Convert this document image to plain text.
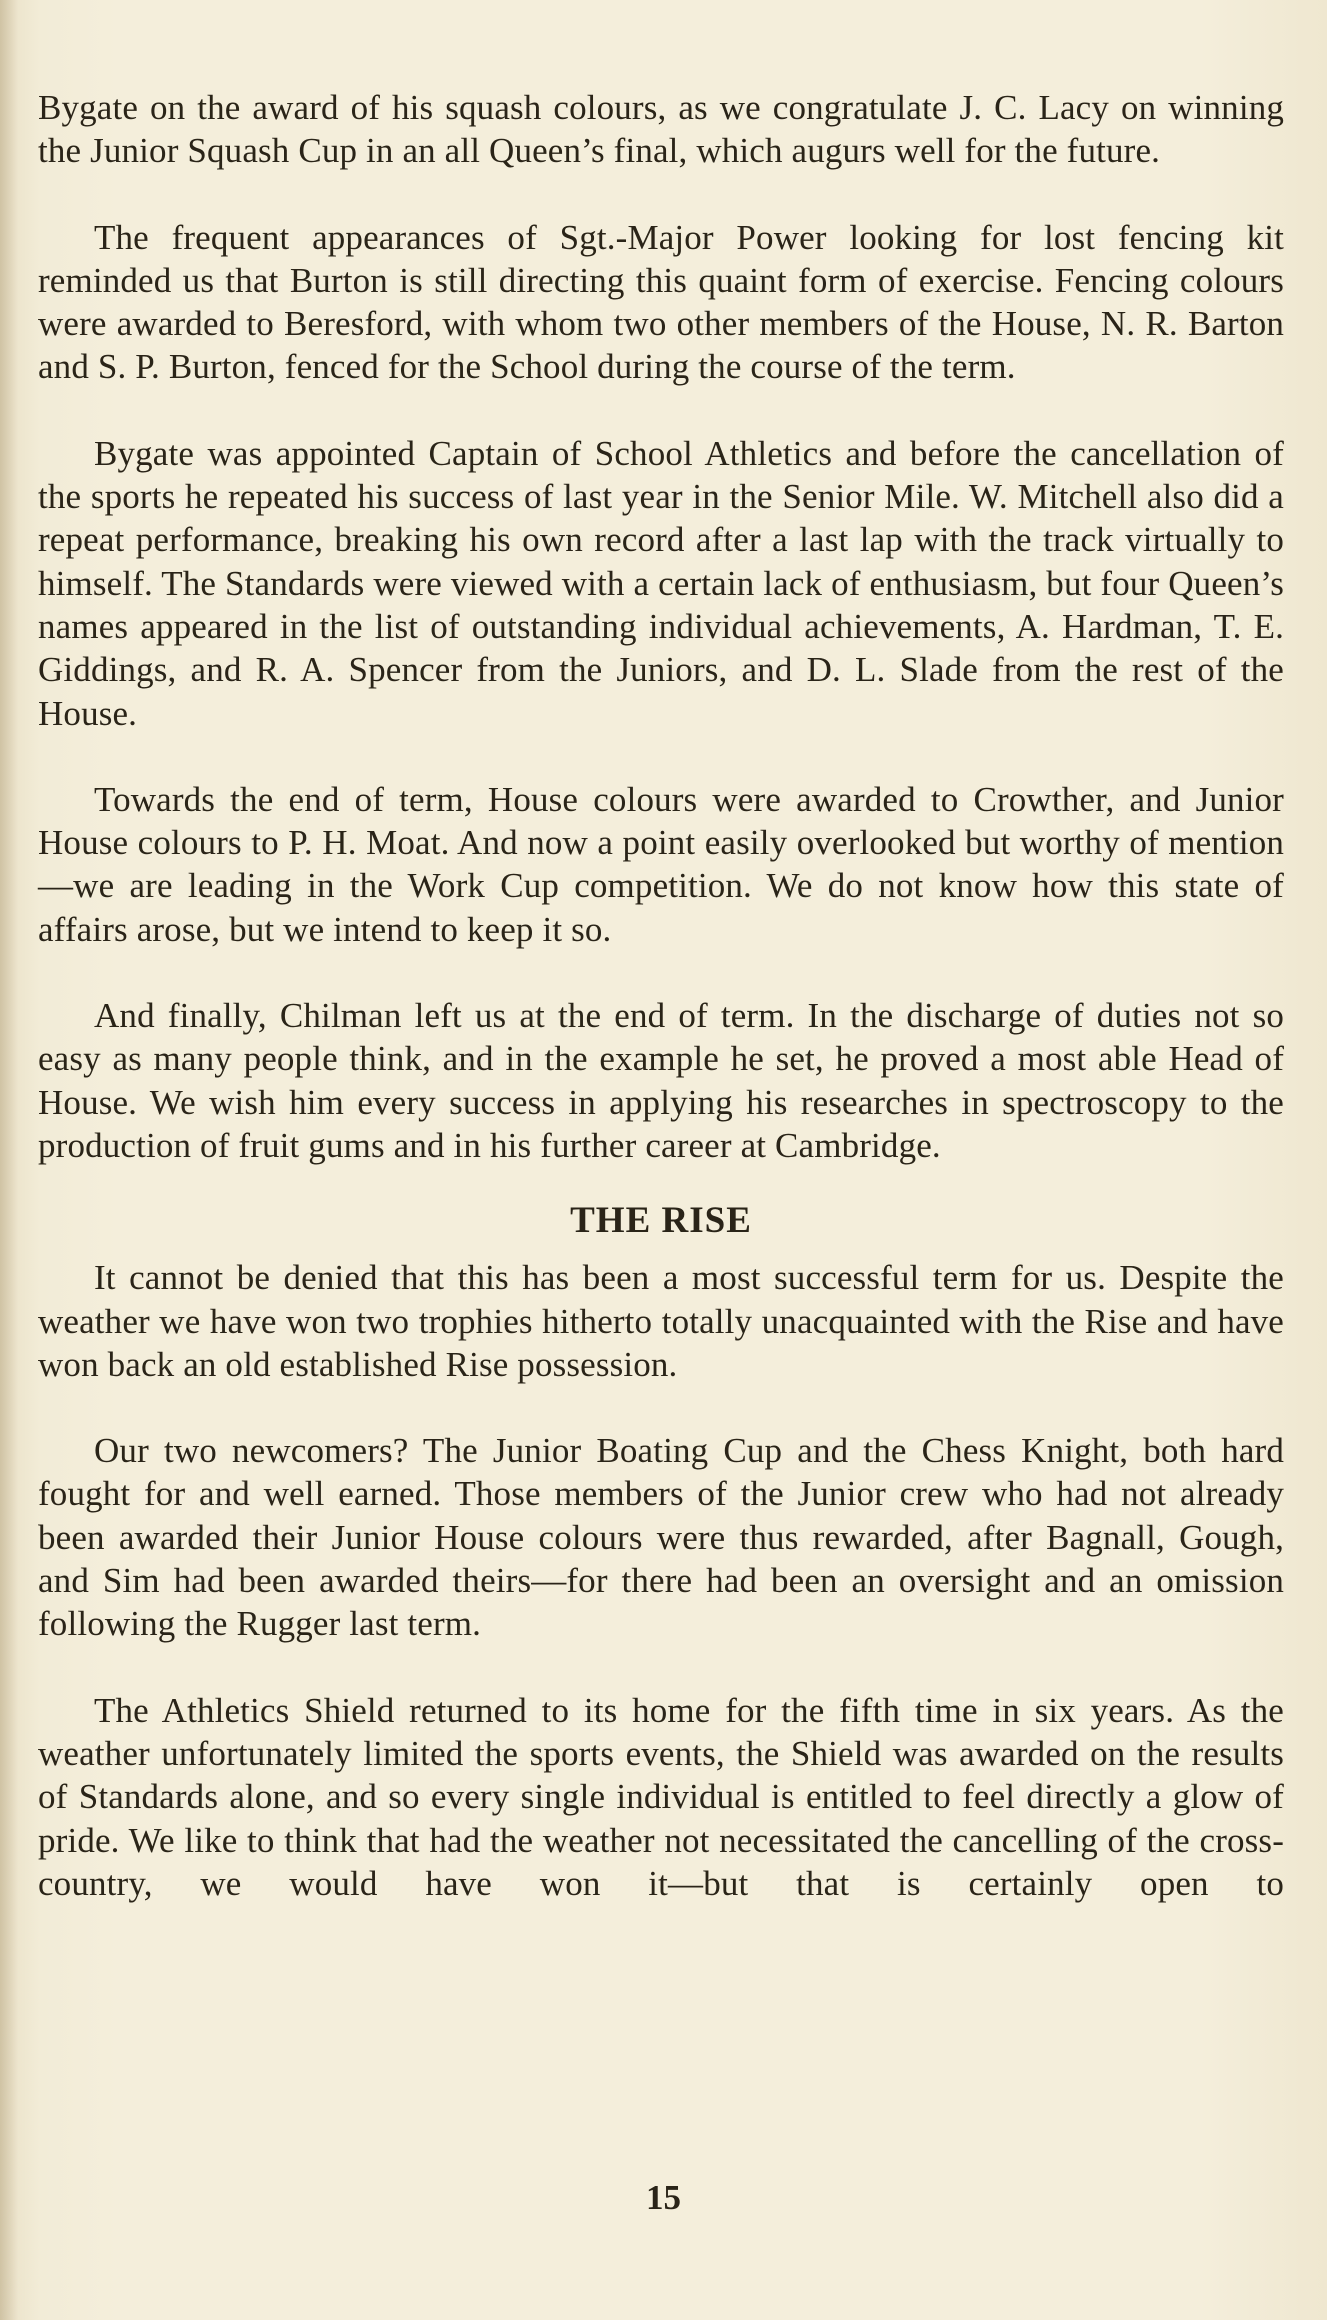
Bygate on the award of his squash colours, as we congratulate J. C. Lacy on winning the Junior Squash Cup in an all Queen’s final, which augurs well for the future.

The frequent appearances of Sgt.-Major Power looking for lost fencing kit reminded us that Burton is still directing this quaint form of exercise. Fencing colours were awarded to Beresford, with whom two other members of the House, N. R. Barton and S. P. Burton, fenced for the School during the course of the term.

Bygate was appointed Captain of School Athletics and before the cancellation of the sports he repeated his success of last year in the Senior Mile. W. Mitchell also did a repeat performance, breaking his own record after a last lap with the track virtually to himself. The Standards were viewed with a certain lack of enthusiasm, but four Queen’s names appeared in the list of outstanding individual achievements, A. Hardman, T. E. Giddings, and R. A. Spencer from the Juniors, and D. L. Slade from the rest of the House.

Towards the end of term, House colours were awarded to Crowther, and Junior House colours to P. H. Moat. And now a point easily overlooked but worthy of mention—we are leading in the Work Cup competition. We do not know how this state of affairs arose, but we intend to keep it so.

And finally, Chilman left us at the end of term. In the discharge of duties not so easy as many people think, and in the example he set, he proved a most able Head of House. We wish him every success in applying his researches in spectroscopy to the production of fruit gums and in his further career at Cambridge.

THE RISE

It cannot be denied that this has been a most successful term for us. Despite the weather we have won two trophies hitherto totally unacquainted with the Rise and have won back an old established Rise possession.

Our two newcomers? The Junior Boating Cup and the Chess Knight, both hard fought for and well earned. Those members of the Junior crew who had not already been awarded their Junior House colours were thus rewarded, after Bagnall, Gough, and Sim had been awarded theirs—for there had been an oversight and an omission following the Rugger last term.

The Athletics Shield returned to its home for the fifth time in six years. As the weather unfortunately limited the sports events, the Shield was awarded on the results of Standards alone, and so every single individual is entitled to feel directly a glow of pride. We like to think that had the weather not necessitated the cancelling of the cross-country, we would have won it—but that is certainly open to

15
